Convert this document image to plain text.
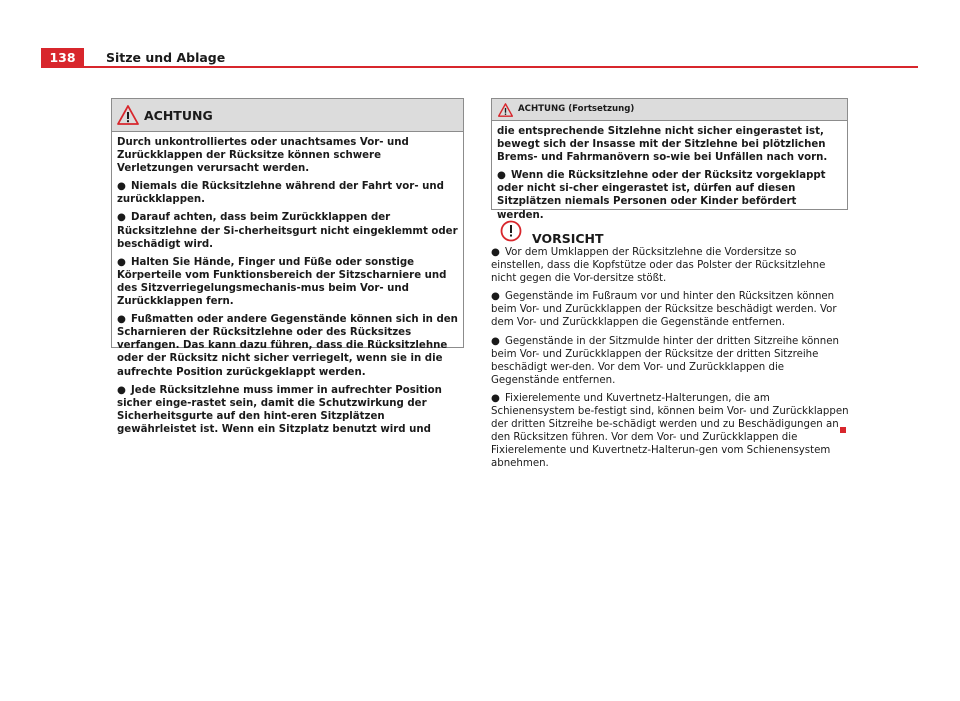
138	Sitze und Ablage
ACHTUNG

Durch unkontrolliertes oder unachtsames Vor- und Zurückklappen der Rücksitze können schwere Verletzungen verursacht werden.

● Niemals die Rücksitzlehne während der Fahrt vor- und zurückklappen.

● Darauf achten, dass beim Zurückklappen der Rücksitzlehne der Si-cherheitsgurt nicht eingeklemmt oder beschädigt wird.

● Halten Sie Hände, Finger und Füße oder sonstige Körperteile vom Funktionsbereich der Sitzscharniere und des Sitzverriegelungsmechanis-mus beim Vor- und Zurückklappen fern.

● Fußmatten oder andere Gegenstände können sich in den Scharnieren der Rücksitzlehne oder des Rücksitzes verfangen. Das kann dazu führen, dass die Rücksitzlehne oder der Rücksitz nicht sicher verriegelt, wenn sie in die aufrechte Position zurückgeklappt werden.

● Jede Rücksitzlehne muss immer in aufrechter Position sicher einge-rastet sein, damit die Schutzwirkung der Sicherheitsgurte auf den hint-eren Sitzplätzen gewährleistet ist. Wenn ein Sitzplatz benutzt wird und

ACHTUNG (Fortsetzung)

die entsprechende Sitzlehne nicht sicher eingerastet ist, bewegt sich der Insasse mit der Sitzlehne bei plötzlichen Brems- und Fahrmanövern so-wie bei Unfällen nach vorn.

● Wenn die Rücksitzlehne oder der Rücksitz vorgeklappt oder nicht si-cher eingerastet ist, dürfen auf diesen Sitzplätzen niemals Personen oder Kinder befördert werden.

VORSICHT

● Vor dem Umklappen der Rücksitzlehne die Vordersitze so einstellen, dass die Kopfstütze oder das Polster der Rücksitzlehne nicht gegen die Vor-dersitze stößt.

● Gegenstände im Fußraum vor und hinter den Rücksitzen können beim Vor- und Zurückklappen der Rücksitze beschädigt werden. Vor dem Vor- und Zurückklappen die Gegenstände entfernen.

● Gegenstände in der Sitzmulde hinter der dritten Sitzreihe können beim Vor- und Zurückklappen der Rücksitze der dritten Sitzreihe beschädigt wer-den. Vor dem Vor- und Zurückklappen die Gegenstände entfernen.

● Fixierelemente und Kuvertnetz-Halterungen, die am Schienensystem be-festigt sind, können beim Vor- und Zurückklappen der dritten Sitzreihe be-schädigt werden und zu Beschädigungen an den Rücksitzen führen. Vor dem Vor- und Zurückklappen die Fixierelemente und Kuvertnetz-Halterun-gen vom Schienensystem abnehmen.
